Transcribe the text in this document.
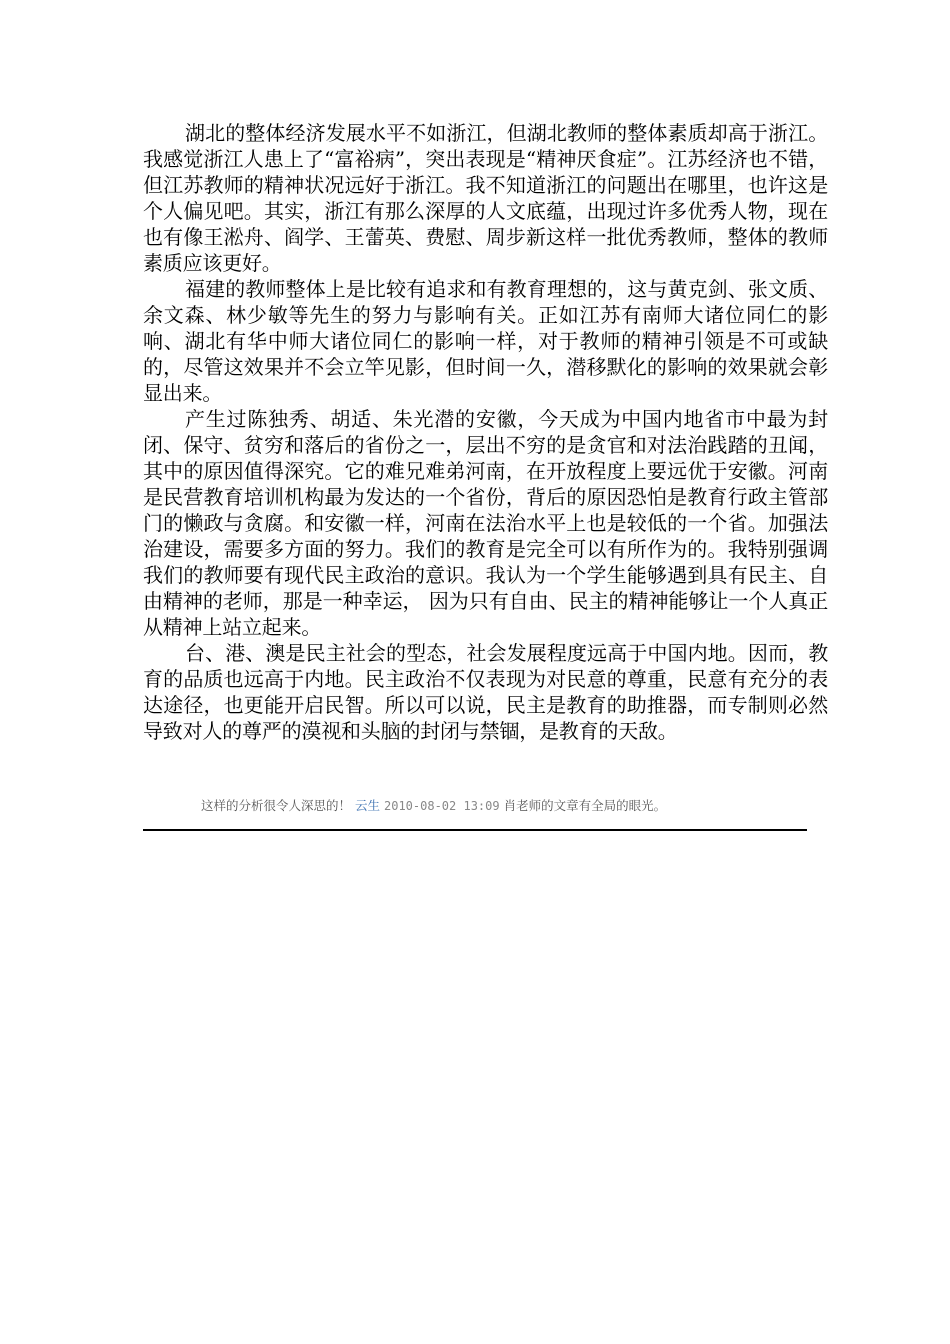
湖北的整体经济发展水平不如浙江，但湖北教师的整体素质却高于浙江。我感觉浙江人患上了“富裕病”，突出表现是“精神厌食症”。江苏经济也不错，但江苏教师的精神状况远好于浙江。我不知道浙江的问题出在哪里，也许这是个人偏见吧。其实，浙江有那么深厚的人文底蕴，出现过许多优秀人物，现在也有像王淞舟、阎学、王蕾英、费慰、周步新这样一批优秀教师，整体的教师素质应该更好。

福建的教师整体上是比较有追求和有教育理想的，这与黄克剑、张文质、余文森、林少敏等先生的努力与影响有关。正如江苏有南师大诸位同仁的影响、湖北有华中师大诸位同仁的影响一样，对于教师的精神引领是不可或缺的，尽管这效果并不会立竿见影，但时间一久，潜移默化的影响的效果就会彰显出来。

产生过陈独秀、胡适、朱光潜的安徽，今天成为中国内地省市中最为封闭、保守、贫穷和落后的省份之一，层出不穷的是贪官和对法治践踏的丑闻，其中的原因值得深究。它的难兄难弟河南，在开放程度上要远优于安徽。河南是民营教育培训机构最为发达的一个省份，背后的原因恐怕是教育行政主管部门的懒政与贪腐。和安徽一样，河南在法治水平上也是较低的一个省。加强法治建设，需要多方面的努力。我们的教育是完全可以有所作为的。我特别强调我们的教师要有现代民主政治的意识。我认为一个学生能够遇到具有民主、自由精神的老师，那是一种幸运， 因为只有自由、民主的精神能够让一个人真正从精神上站立起来。

台、港、澳是民主社会的型态，社会发展程度远高于中国内地。因而，教育的品质也远高于内地。民主政治不仅表现为对民意的尊重，民意有充分的表达途径，也更能开启民智。所以可以说，民主是教育的助推器，而专制则必然导致对人的尊严的漠视和头脑的封闭与禁锢，是教育的天敌。

这样的分析很令人深思的！ 云生 2010-08-02 13:09 肖老师的文章有全局的眼光。
